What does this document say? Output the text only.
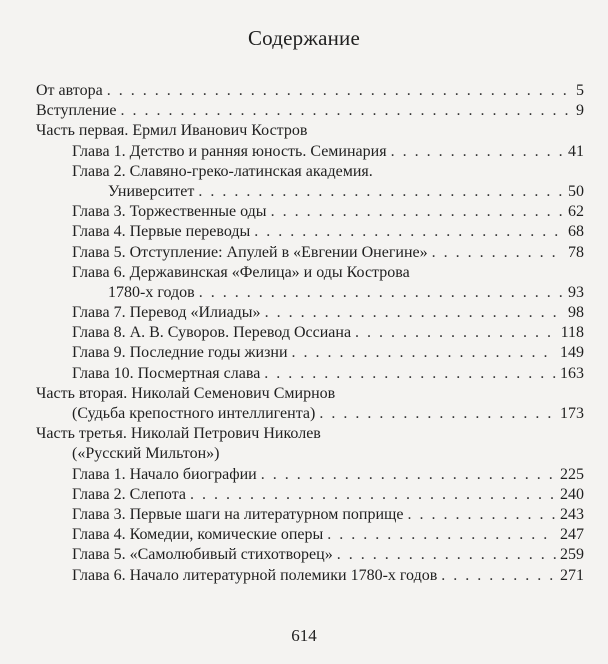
Содержание
От автора . . .	5
Вступление . . .	9
Часть первая. Ермил Иванович Костров
Глава 1. Детство и ранняя юность. Семинария . . .	41
Глава 2. Славяно-греко-латинская академия.
Университет . . .	50
Глава 3. Торжественные оды . . .	62
Глава 4. Первые переводы . . .	68
Глава 5. Отступление: Апулей в «Евгении Онегине» . . .	78
Глава 6. Державинская «Фелица» и оды Кострова
1780-х годов . . .	93
Глава 7. Перевод «Илиады» . . .	98
Глава 8. А. В. Суворов. Перевод Оссиана . . .	118
Глава 9. Последние годы жизни . . .	149
Глава 10. Посмертная слава . . .	163
Часть вторая. Николай Семенович Смирнов
(Судьба крепостного интеллигента) . . .	173
Часть третья. Николай Петрович Николев
(«Русский Мильтон»)
Глава 1. Начало биографии . . .	225
Глава 2. Слепота . . .	240
Глава 3. Первые шаги на литературном поприще . . .	243
Глава 4. Комедии, комические оперы . . .	247
Глава 5. «Самолюбивый стихотворец» . . .	259
Глава 6. Начало литературной полемики 1780-х годов . . .	271
614
